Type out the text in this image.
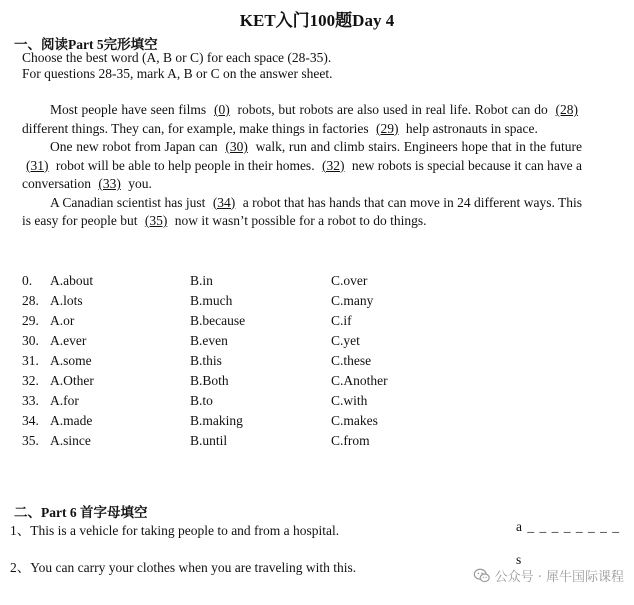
KET入门100题Day 4
一、阅读Part 5完形填空
Choose the best word (A, B or C) for each space (28-35).
For questions 28-35, mark A, B or C on the answer sheet.

Most people have seen films (0) robots, but robots are also used in real life. Robot can do (28) different things. They can, for example, make things in factories (29) help astronauts in space.

One new robot from Japan can (30) walk, run and climb stairs. Engineers hope that in the future (31) robot will be able to help people in their homes. (32) new robots is special because it can have a conversation (33) you.

A Canadian scientist has just (34) a robot that has hands that can move in 24 different ways. This is easy for people but (35) now it wasn’t possible for a robot to do things.

0. A.about	B.in	C.over
28. A.lots	B.much	C.many
29. A.or	B.because	C.if
30. A.ever	B.even	C.yet
31. A.some	B.this	C.these
32. A.Other	B.Both	C.Another
33. A.for	B.to	C.with
34. A.made	B.making	C.makes
35. A.since	B.until	C.from
二、Part 6 首字母填空
1、This is a vehicle for taking people to and from a hospital.	a _ _ _ _ _ _ _ _
2、You can carry your clothes when you are traveling with this.
s
公众号 · 犀牛国际课程
